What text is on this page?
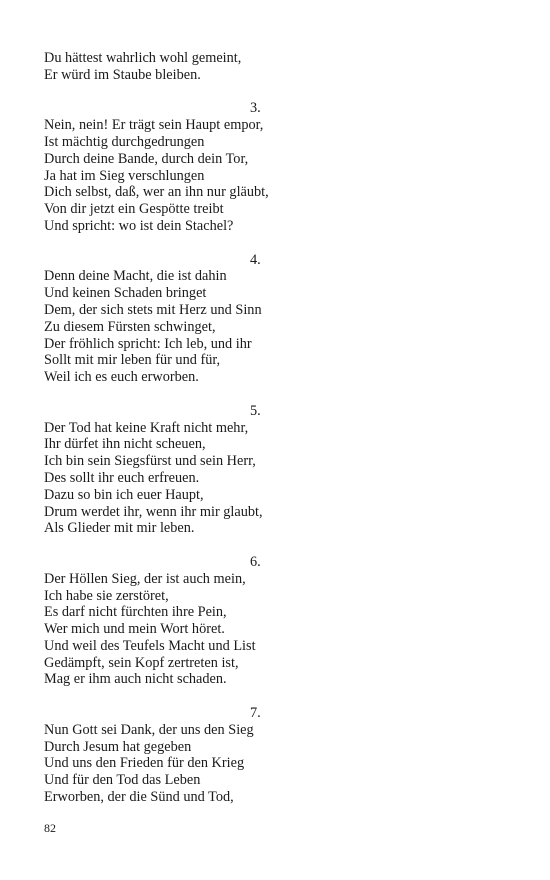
Du hättest wahrlich wohl gemeint,
Er würd im Staube bleiben.
3.
Nein, nein! Er trägt sein Haupt empor,
Ist mächtig durchgedrungen
Durch deine Bande, durch dein Tor,
Ja hat im Sieg verschlungen
Dich selbst, daß, wer an ihn nur gläubt,
Von dir jetzt ein Gespötte treibt
Und spricht: wo ist dein Stachel?
4.
Denn deine Macht, die ist dahin
Und keinen Schaden bringet
Dem, der sich stets mit Herz und Sinn
Zu diesem Fürsten schwinget,
Der fröhlich spricht: Ich leb, und ihr
Sollt mit mir leben für und für,
Weil ich es euch erworben.
5.
Der Tod hat keine Kraft nicht mehr,
Ihr dürfet ihn nicht scheuen,
Ich bin sein Siegsfürst und sein Herr,
Des sollt ihr euch erfreuen.
Dazu so bin ich euer Haupt,
Drum werdet ihr, wenn ihr mir glaubt,
Als Glieder mit mir leben.
6.
Der Höllen Sieg, der ist auch mein,
Ich habe sie zerstöret,
Es darf nicht fürchten ihre Pein,
Wer mich und mein Wort höret.
Und weil des Teufels Macht und List
Gedämpft, sein Kopf zertreten ist,
Mag er ihm auch nicht schaden.
7.
Nun Gott sei Dank, der uns den Sieg
Durch Jesum hat gegeben
Und uns den Frieden für den Krieg
Und für den Tod das Leben
Erworben, der die Sünd und Tod,
82
